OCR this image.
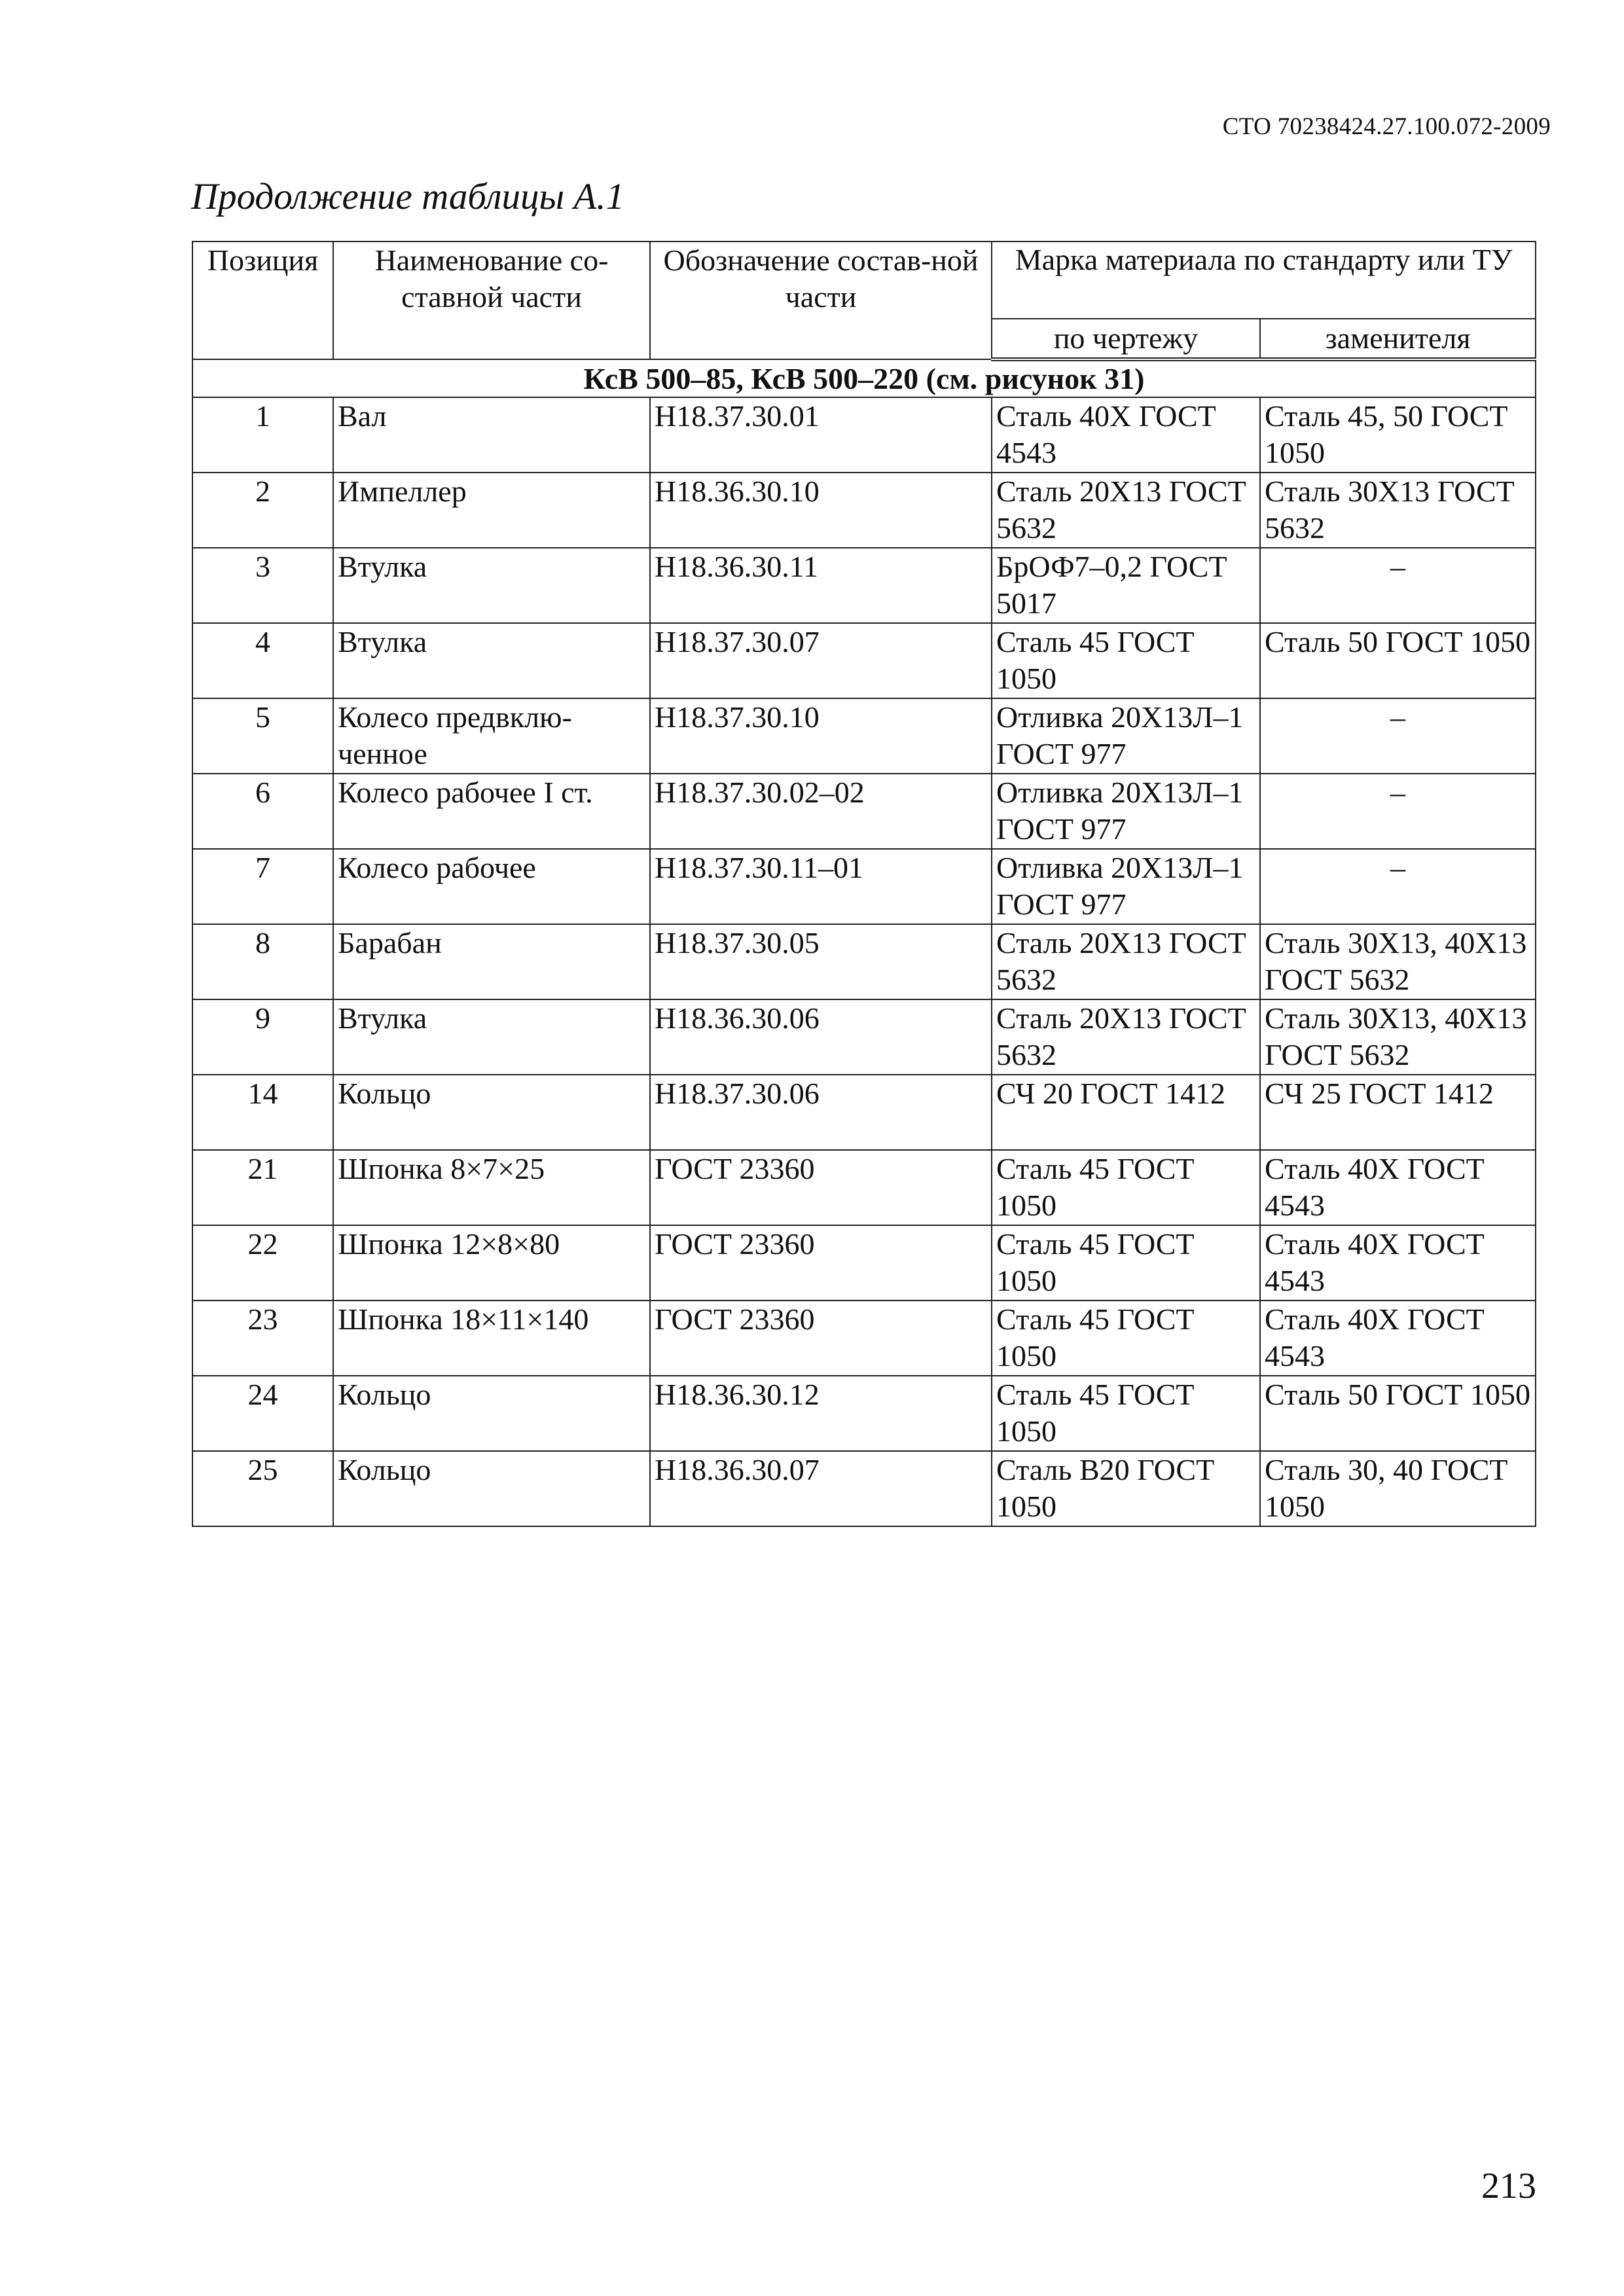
СТО 70238424.27.100.072-2009
Продолжение таблицы А.1
Позиция	Наименование со-ставной части	Обозначение состав-ной части	Марка материала по стандарту или ТУ	
			по чертежу	заменителя
КсВ 500–85, КсВ 500–220 (см. рисунок 31)				
1	Вал	Н18.37.30.01	Сталь 40Х ГОСТ 4543	Сталь 45, 50 ГОСТ 1050
2	Импеллер	Н18.36.30.10	Сталь 20Х13 ГОСТ 5632	Сталь 30Х13 ГОСТ 5632
3	Втулка	Н18.36.30.11	БрОФ7–0,2 ГОСТ 5017	–
4	Втулка	Н18.37.30.07	Сталь 45 ГОСТ 1050	Сталь 50 ГОСТ 1050
5	Колесо предвклю-ченное	Н18.37.30.10	Отливка 20Х13Л–1 ГОСТ 977	–
6	Колесо рабочее I ст.	Н18.37.30.02–02	Отливка 20Х13Л–1 ГОСТ 977	–
7	Колесо рабочее	Н18.37.30.11–01	Отливка 20Х13Л–1 ГОСТ 977	–
8	Барабан	Н18.37.30.05	Сталь 20Х13 ГОСТ 5632	Сталь 30Х13, 40Х13 ГОСТ 5632
9	Втулка	Н18.36.30.06	Сталь 20Х13 ГОСТ 5632	Сталь 30Х13, 40Х13 ГОСТ 5632
14	Кольцо	Н18.37.30.06	СЧ 20 ГОСТ 1412	СЧ 25 ГОСТ 1412
21	Шпонка 8×7×25	ГОСТ 23360	Сталь 45 ГОСТ 1050	Сталь 40Х ГОСТ 4543
22	Шпонка 12×8×80	ГОСТ 23360	Сталь 45 ГОСТ 1050	Сталь 40Х ГОСТ 4543
23	Шпонка 18×11×140	ГОСТ 23360	Сталь 45 ГОСТ 1050	Сталь 40Х ГОСТ 4543
24	Кольцо	Н18.36.30.12	Сталь 45 ГОСТ 1050	Сталь 50 ГОСТ 1050
25	Кольцо	Н18.36.30.07	Сталь В20 ГОСТ 1050	Сталь 30, 40 ГОСТ 1050
213
